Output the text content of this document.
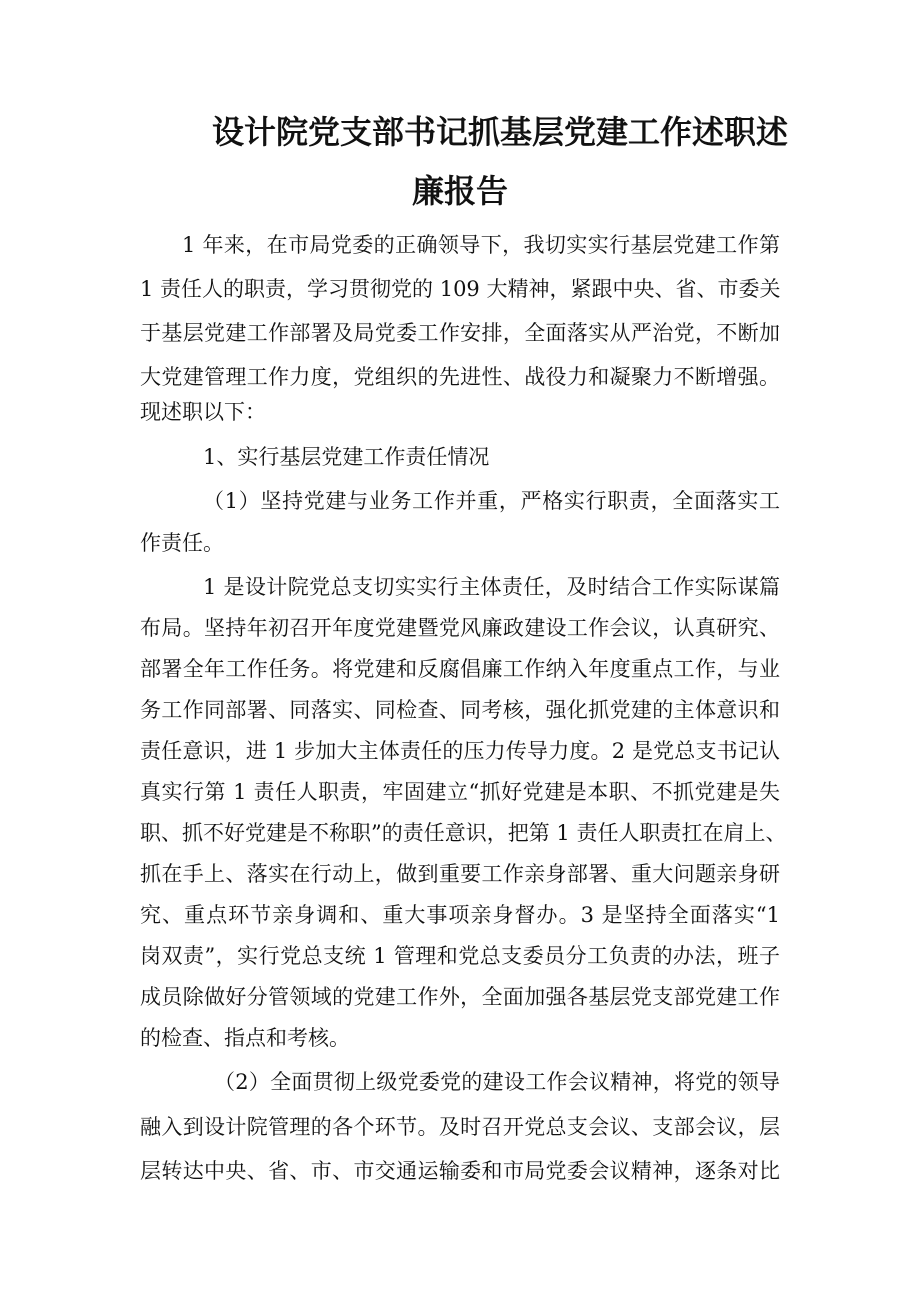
设计院党支部书记抓基层党建工作述职述
廉报告
1 年来，在市局党委的正确领导下，我切实实行基层党建工作第
1 责任人的职责，学习贯彻党的 109 大精神，紧跟中央、省、市委关
于基层党建工作部署及局党委工作安排，全面落实从严治党，不断加
大党建管理工作力度，党组织的先进性、战役力和凝聚力不断增强。
现述职以下：
1、实行基层党建工作责任情况
（1）坚持党建与业务工作并重，严格实行职责，全面落实工
作责任。
1 是设计院党总支切实实行主体责任，及时结合工作实际谋篇
布局。坚持年初召开年度党建暨党风廉政建设工作会议，认真研究、
部署全年工作任务。将党建和反腐倡廉工作纳入年度重点工作，与业
务工作同部署、同落实、同检查、同考核，强化抓党建的主体意识和
责任意识，进 1 步加大主体责任的压力传导力度。2 是党总支书记认
真实行第 1 责任人职责，牢固建立“抓好党建是本职、不抓党建是失
职、抓不好党建是不称职”的责任意识，把第 1 责任人职责扛在肩上、
抓在手上、落实在行动上，做到重要工作亲身部署、重大问题亲身研
究、重点环节亲身调和、重大事项亲身督办。3 是坚持全面落实“1
岗双责”，实行党总支统 1 管理和党总支委员分工负责的办法，班子
成员除做好分管领域的党建工作外，全面加强各基层党支部党建工作
的检查、指点和考核。
（2）全面贯彻上级党委党的建设工作会议精神，将党的领导
融入到设计院管理的各个环节。及时召开党总支会议、支部会议，层
层转达中央、省、市、市交通运输委和市局党委会议精神，逐条对比
